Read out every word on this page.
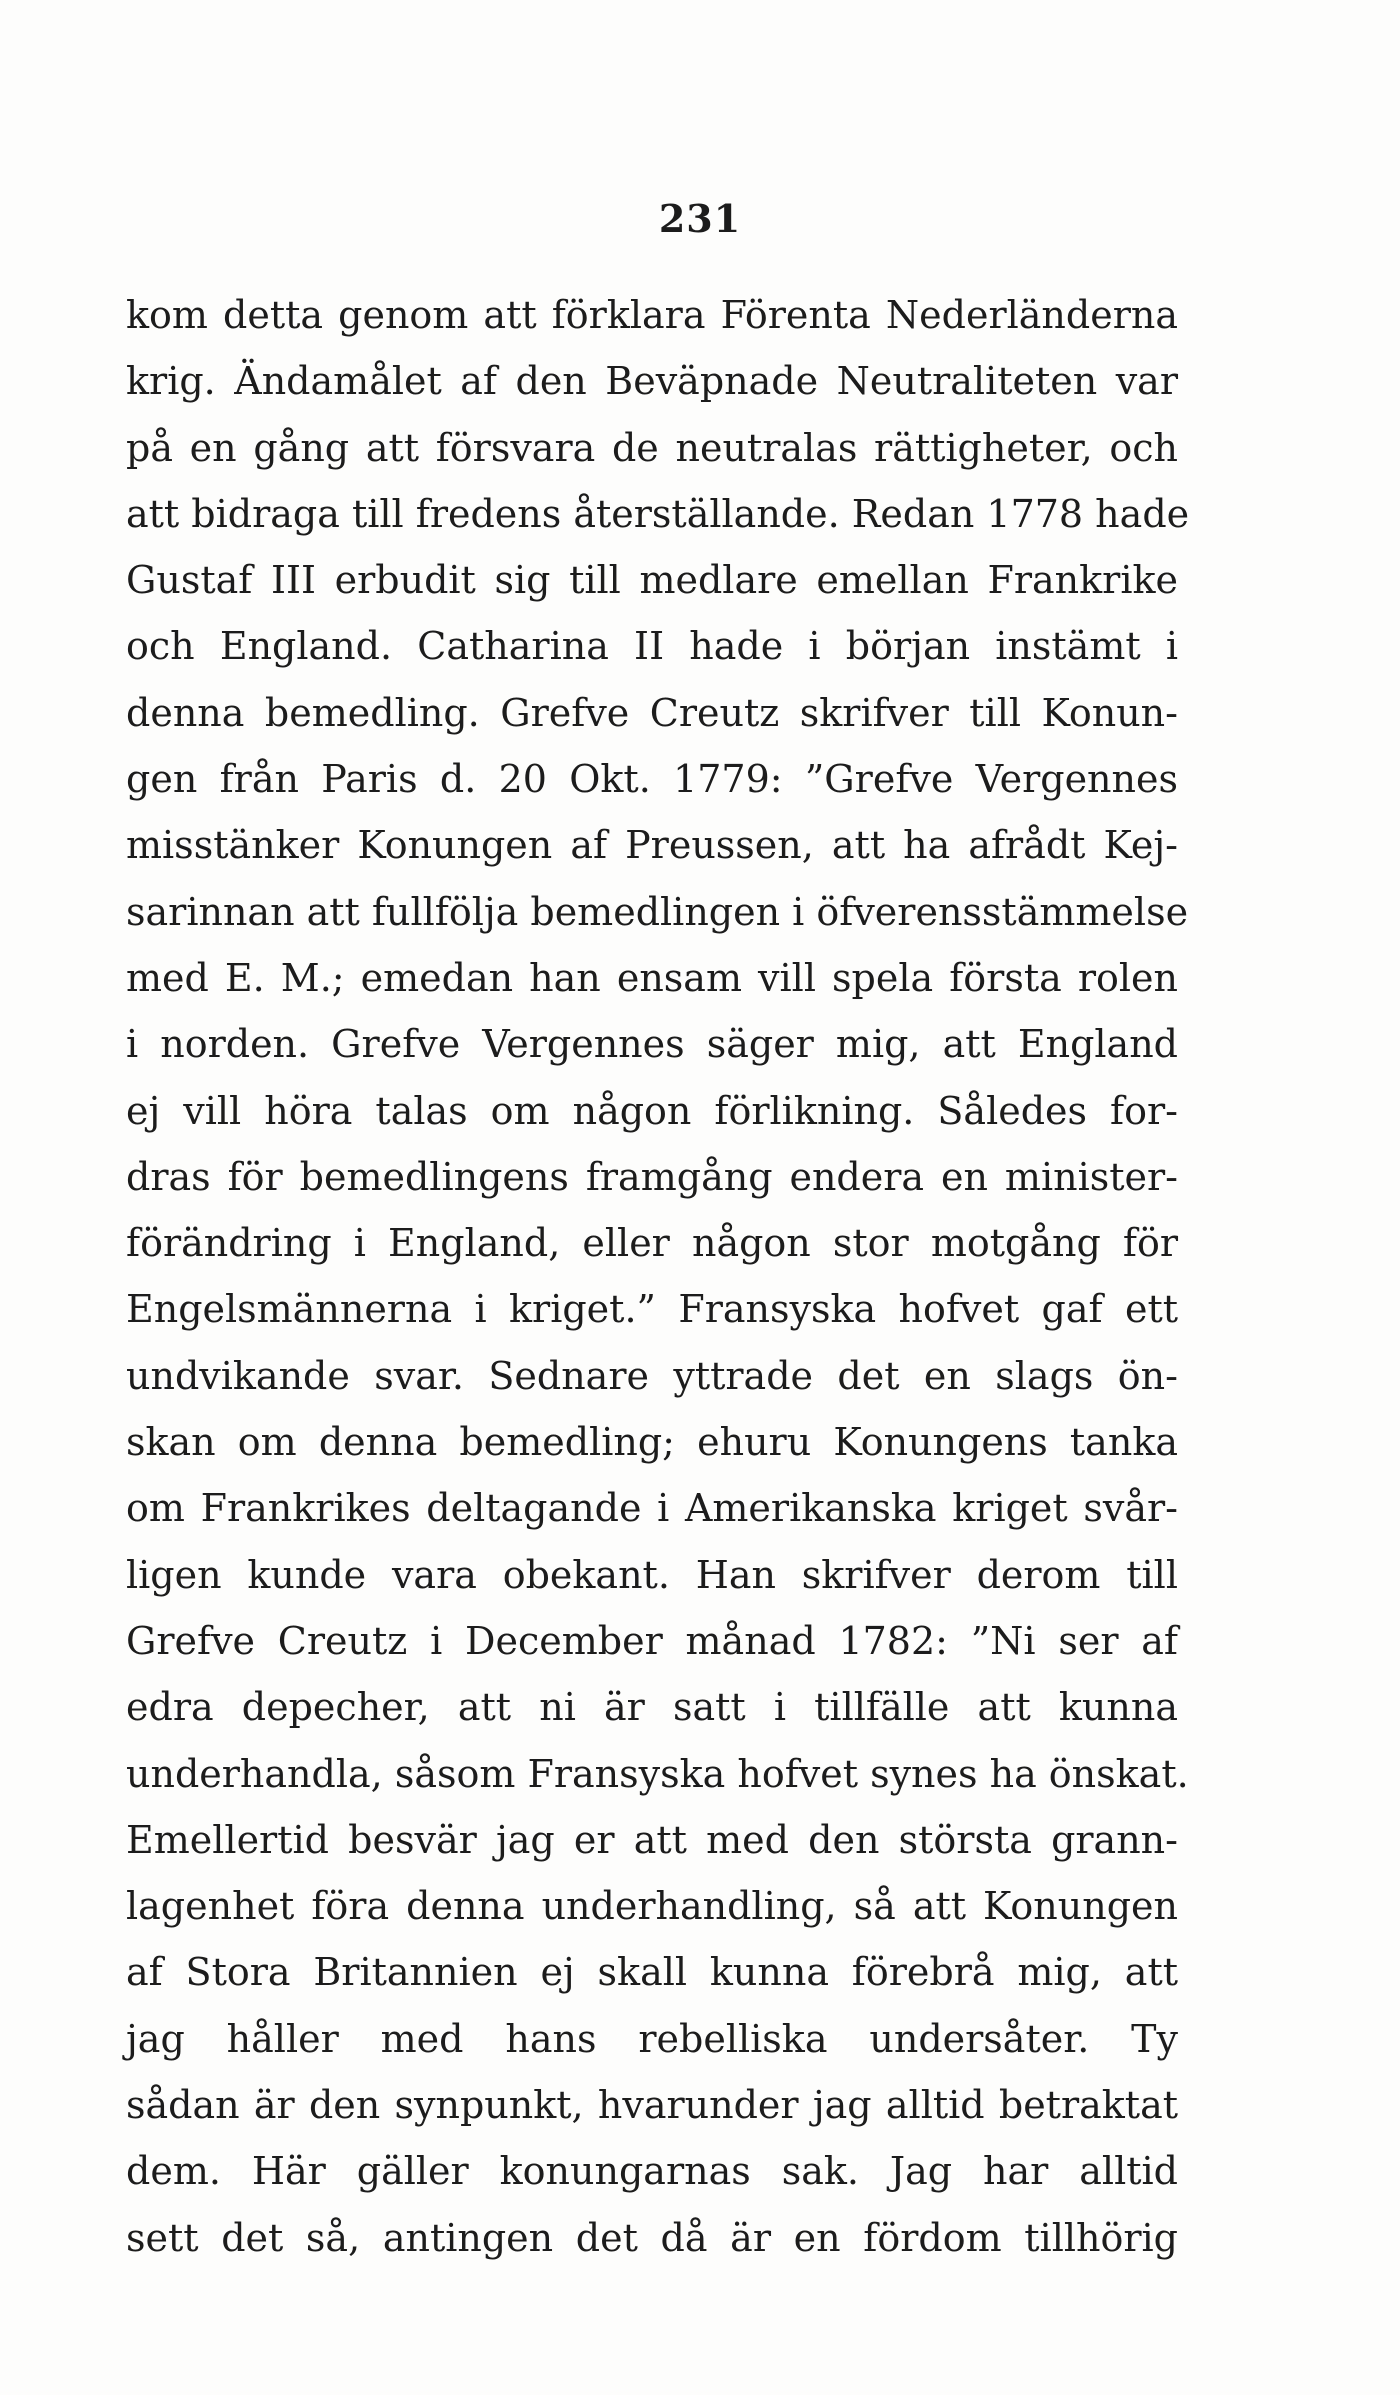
231
kom detta genom att förklara Förenta Nederländerna
krig. Ändamålet af den Beväpnade Neutraliteten var
på en gång att försvara de neutralas rättigheter, och
att bidraga till fredens återställande. Redan 1778 hade
Gustaf III erbudit sig till medlare emellan Frankrike
och England. Catharina II hade i början instämt i
denna bemedling. Grefve Creutz skrifver till Konun-
gen från Paris d. 20 Okt. 1779: ”Grefve Vergennes
misstänker Konungen af Preussen, att ha afrådt Kej-
sarinnan att fullfölja bemedlingen i öfverensstämmelse
med E. M.; emedan han ensam vill spela första rolen
i norden. Grefve Vergennes säger mig, att England
ej vill höra talas om någon förlikning. Således for-
dras för bemedlingens framgång endera en minister-
förändring i England, eller någon stor motgång för
Engelsmännerna i kriget.” Fransyska hofvet gaf ett
undvikande svar. Sednare yttrade det en slags ön-
skan om denna bemedling; ehuru Konungens tanka
om Frankrikes deltagande i Amerikanska kriget svår-
ligen kunde vara obekant. Han skrifver derom till
Grefve Creutz i December månad 1782: ”Ni ser af
edra depecher, att ni är satt i tillfälle att kunna
underhandla, såsom Fransyska hofvet synes ha önskat.
Emellertid besvär jag er att med den största grann-
lagenhet föra denna underhandling, så att Konungen
af Stora Britannien ej skall kunna förebrå mig, att
jag håller med hans rebelliska undersåter. Ty
sådan är den synpunkt, hvarunder jag alltid betraktat
dem. Här gäller konungarnas sak. Jag har alltid
sett det så, antingen det då är en fördom tillhörig
